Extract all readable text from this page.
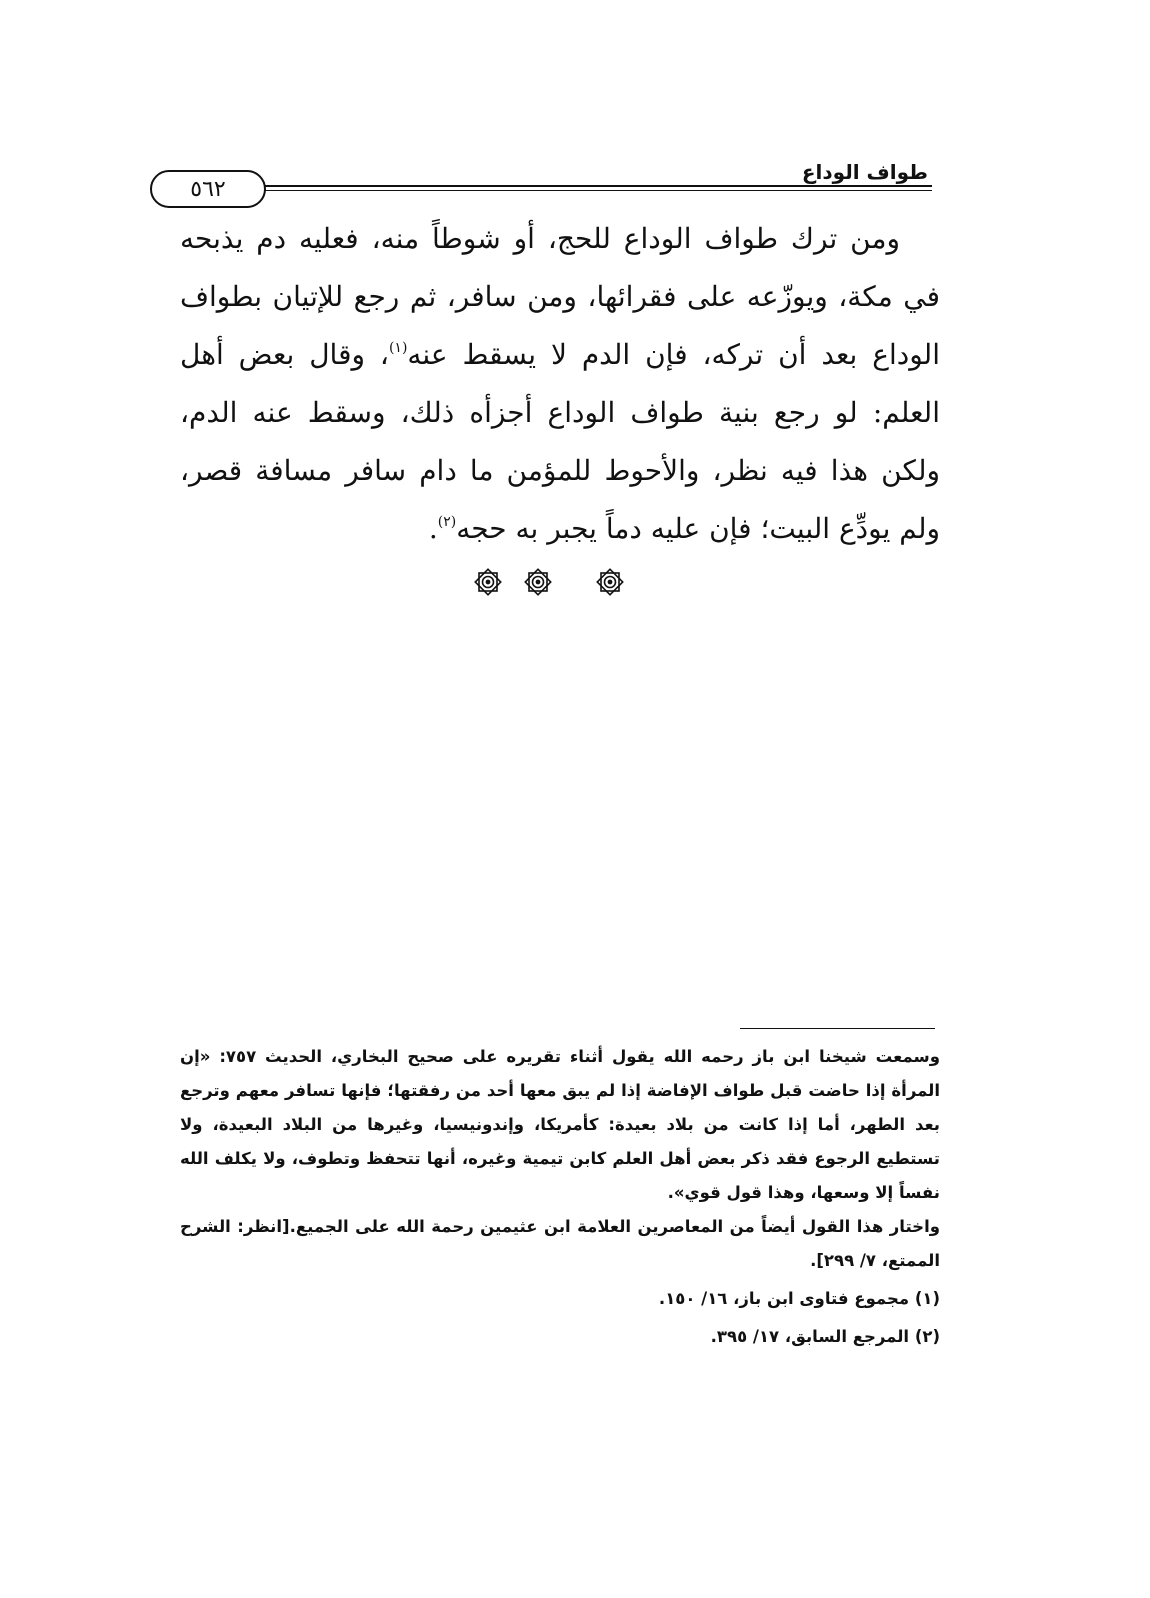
طواف الوداع
٥٦٢

ومن ترك طواف الوداع للحج، أو شوطاً منه، فعليه دم يذبحه في مكة، ويوزّعه على فقرائها، ومن سافر، ثم رجع للإتيان بطواف الوداع بعد أن تركه، فإن الدم لا يسقط عنه$^{(١)}$، وقال بعض أهل العلم: لو رجع بنية طواف الوداع أجزأه ذلك، وسقط عنه الدم، ولكن هذا فيه نظر، والأحوط للمؤمن ما دام سافر مسافة قصر، ولم يودِّع البيت؛ فإن عليه دماً يجبر به حجه$^{(٢)}$.

وسمعت شيخنا ابن باز رحمه الله يقول أثناء تقريره على صحيح البخاري، الحديث ٧٥٧: «إن المرأة إذا حاضت قبل طواف الإفاضة إذا لم يبق معها أحد من رفقتها؛ فإنها تسافر معهم وترجع بعد الطهر، أما إذا كانت من بلاد بعيدة: كأمريكا، وإندونيسيا، وغيرها من البلاد البعيدة، ولا تستطيع الرجوع فقد ذكر بعض أهل العلم كابن تيمية وغيره، أنها تتحفظ وتطوف، ولا يكلف الله نفساً إلا وسعها، وهذا قول قوي».

واختار هذا القول أيضاً من المعاصرين العلامة ابن عثيمين رحمة الله على الجميع.[انظر: الشرح الممتع، ٧/ ٢٩٩].

(١) مجموع فتاوى ابن باز، ١٦/ ١٥٠.

(٢) المرجع السابق، ١٧/ ٣٩٥.
